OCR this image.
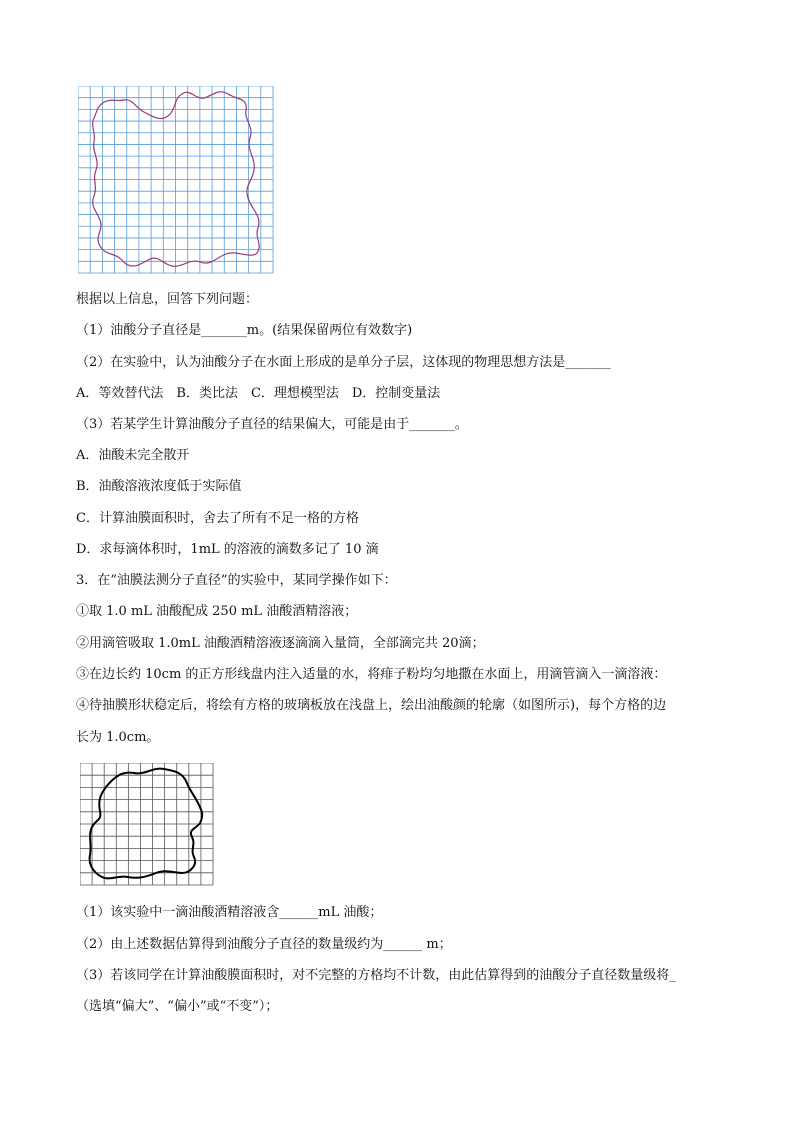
根据以上信息，回答下列问题：
（1）油酸分子直径是_______m。(结果保留两位有效数字)
（2）在实验中，认为油酸分子在水面上形成的是单分子层，这体现的物理思想方法是_______
A．等效替代法　B．类比法　C．理想模型法　D．控制变量法
（3）若某学生计算油酸分子直径的结果偏大，可能是由于_______。
A．油酸未完全散开
B．油酸溶液浓度低于实际值
C．计算油膜面积时，舍去了所有不足一格的方格
D．求每滴体积时，1mL 的溶液的滴数多记了 10 滴
3．在“油膜法测分子直径”的实验中，某同学操作如下：
①取 1.0 mL 油酸配成 250 mL 油酸酒精溶液；
②用滴管吸取 1.0mL 油酸酒精溶液逐滴滴入量筒，全部滴完共 20滴；
③在边长约 10cm 的正方形线盘内注入适量的水，将痱子粉均匀地撒在水面上，用滴管滴入一滴溶液：
④待抽膜形状稳定后，将绘有方格的玻璃板放在浅盘上，绘出油酸颜的轮廓（如图所示)，每个方格的边
长为 1.0cm。
（1）该实验中一滴油酸酒精溶液含______mL 油酸；
（2）由上述数据估算得到油酸分子直径的数量级约为______ m；
（3）若该同学在计算油酸膜面积时，对不完整的方格均不计数，由此估算得到的油酸分子直径数量级将_
（选填“偏大”、“偏小”或“不变”）；
